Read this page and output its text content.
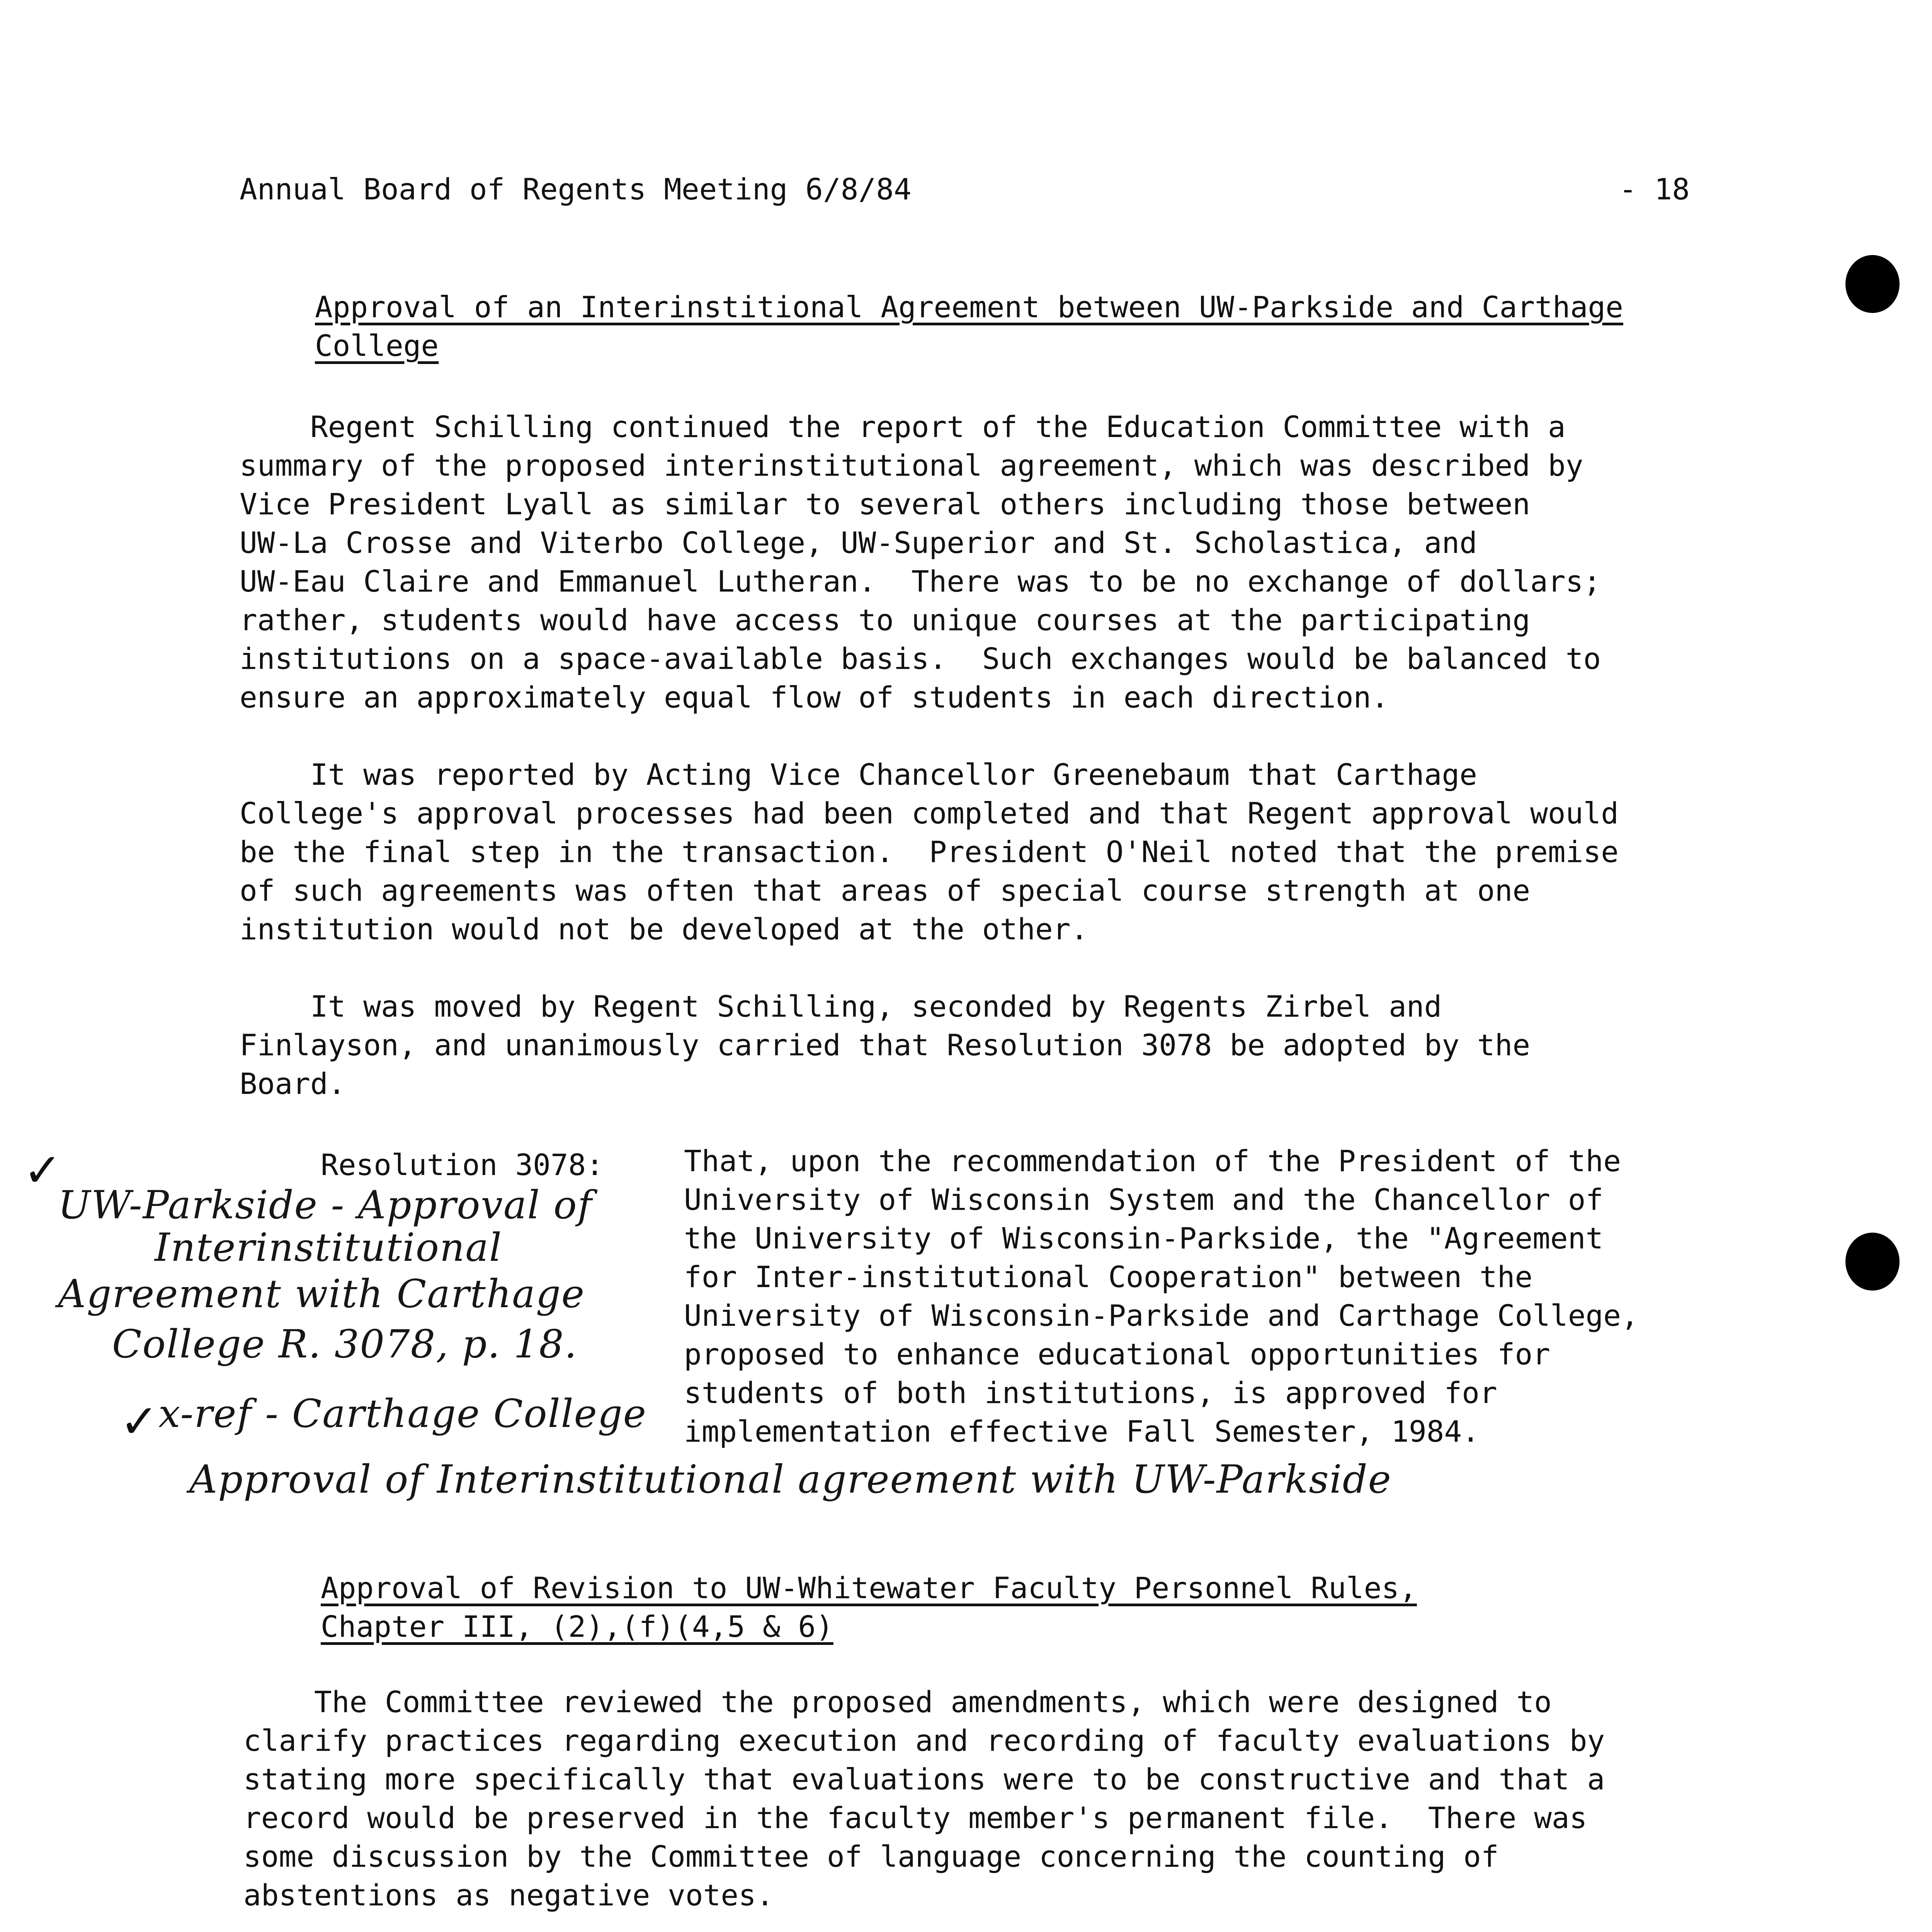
Annual Board of Regents Meeting 6/8/84	- 18
Approval of an Interinstitional Agreement between UW-Parkside and Carthage
College
Regent Schilling continued the report of the Education Committee with a
summary of the proposed interinstitutional agreement, which was described by
Vice President Lyall as similar to several others including those between
UW-La Crosse and Viterbo College, UW-Superior and St. Scholastica, and
UW-Eau Claire and Emmanuel Lutheran.  There was to be no exchange of dollars;
rather, students would have access to unique courses at the participating
institutions on a space-available basis.  Such exchanges would be balanced to
ensure an approximately equal flow of students in each direction.
It was reported by Acting Vice Chancellor Greenebaum that Carthage
College's approval processes had been completed and that Regent approval would
be the final step in the transaction.  President O'Neil noted that the premise
of such agreements was often that areas of special course strength at one
institution would not be developed at the other.
It was moved by Regent Schilling, seconded by Regents Zirbel and
Finlayson, and unanimously carried that Resolution 3078 be adopted by the
Board.
Resolution 3078:	That, upon the recommendation of the President of the
University of Wisconsin System and the Chancellor of
the University of Wisconsin-Parkside, the "Agreement
for Inter-institutional Cooperation" between the
University of Wisconsin-Parkside and Carthage College,
proposed to enhance educational opportunities for
students of both institutions, is approved for
implementation effective Fall Semester, 1984.
✓
UW-Parkside - Approval of
Interinstitutional
Agreement with Carthage
College R. 3078, p. 18.
✓ x-ref - Carthage College
Approval of Interinstitutional agreement with UW-Parkside
Approval of Revision to UW-Whitewater Faculty Personnel Rules,
Chapter III, (2),(f)(4,5 & 6)
The Committee reviewed the proposed amendments, which were designed to
clarify practices regarding execution and recording of faculty evaluations by
stating more specifically that evaluations were to be constructive and that a
record would be preserved in the faculty member's permanent file.  There was
some discussion by the Committee of language concerning the counting of
abstentions as negative votes.
